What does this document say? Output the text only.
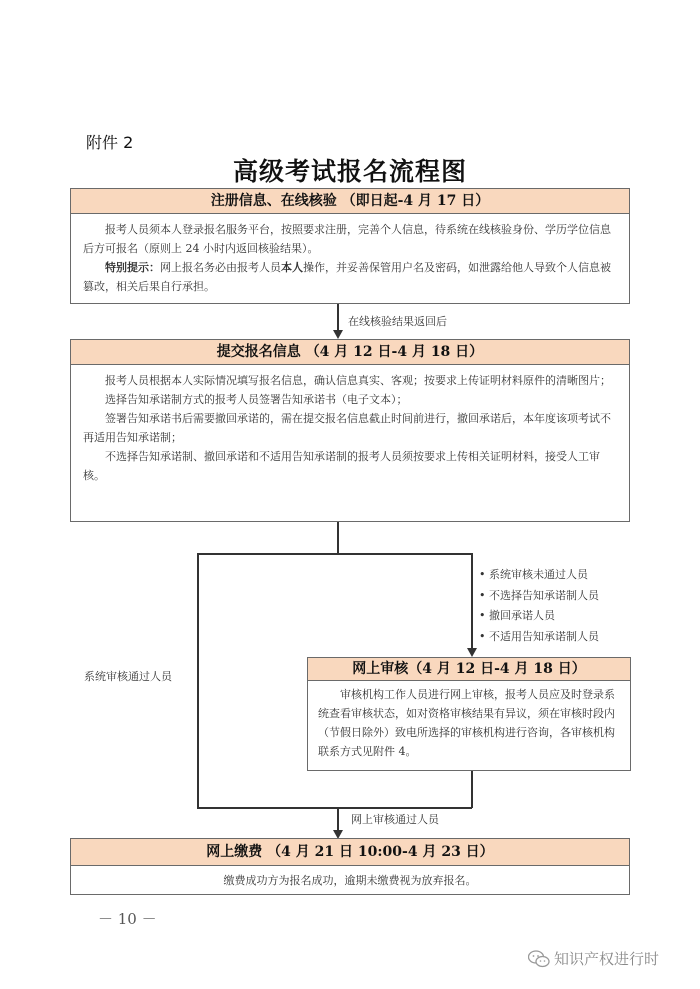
附件 2
高级考试报名流程图
注册信息、在线核验 （即日起-4 月 17 日）

报考人员须本人登录报名服务平台，按照要求注册，完善个人信息，待系统在线核验身份、学历学位信息后方可报名（原则上 24 小时内返回核验结果）。

特别提示：网上报名务必由报考人员本人操作，并妥善保管用户名及密码，如泄露给他人导致个人信息被篡改，相关后果自行承担。

在线核验结果返回后
提交报名信息 （4 月 12 日-4 月 18 日）

报考人员根据本人实际情况填写报名信息，确认信息真实、客观；按要求上传证明材料原件的清晰图片；

选择告知承诺制方式的报考人员签署告知承诺书（电子文本）；

签署告知承诺书后需要撤回承诺的，需在提交报名信息截止时间前进行，撤回承诺后，本年度该项考试不再适用告知承诺制；

不选择告知承诺制、撤回承诺和不适用告知承诺制的报考人员须按要求上传相关证明材料，接受人工审核。

系统审核通过人员
• 系统审核未通过人员
• 不选择告知承诺制人员
• 撤回承诺人员
• 不适用告知承诺制人员
网上审核（4 月 12 日-4 月 18 日）

审核机构工作人员进行网上审核，报考人员应及时登录系统查看审核状态，如对资格审核结果有异议，须在审核时段内（节假日除外）致电所选择的审核机构进行咨询，各审核机构联系方式见附件 4。

网上审核通过人员
网上缴费 （4 月 21 日 10:00-4 月 23 日）
缴费成功方为报名成功，逾期未缴费视为放弃报名。
－ 10 －
知识产权进行时
